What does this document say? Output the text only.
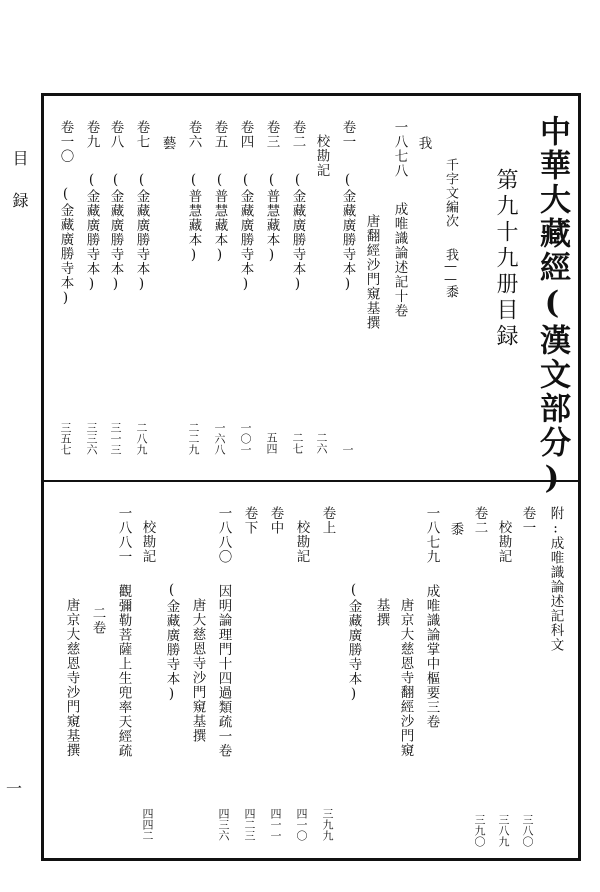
目
録
一
中華大藏經(漢文部分)
第九十九册目録
千字文編次
我——黍
我
一八七八
成唯識論述記十卷
唐翻經沙門窺基撰
卷一
(金藏廣勝寺本)
一
校勘記
二六
卷二
(金藏廣勝寺本)
二七
卷三
(普慧藏本)
五四
卷四
(金藏廣勝寺本)
一〇一
卷五
(普慧藏本)
一六八
卷六
(普慧藏本)
二二九
藝
卷七
(金藏廣勝寺本)
二八九
卷八
(金藏廣勝寺本)
三一三
卷九
(金藏廣勝寺本)
三三六
卷一〇
(金藏廣勝寺本)
三五七
附:
成唯識論述記科文
卷一
三八〇
校勘記
三八九
卷二
三九〇
黍
一八七九
成唯識論掌中樞要三卷
唐京大慈恩寺翻經沙門窺
基撰
(金藏廣勝寺本)
卷上
三九九
校勘記
四一〇
卷中
四一一
卷下
四二三
一八八〇
因明論理門十四過類疏一卷
四三六
唐大慈恩寺沙門窺基撰
(金藏廣勝寺本)
校勘記
一八八一
觀彌勒菩薩上生兜率天經疏
二卷
唐京大慈恩寺沙門窺基撰
四四二
